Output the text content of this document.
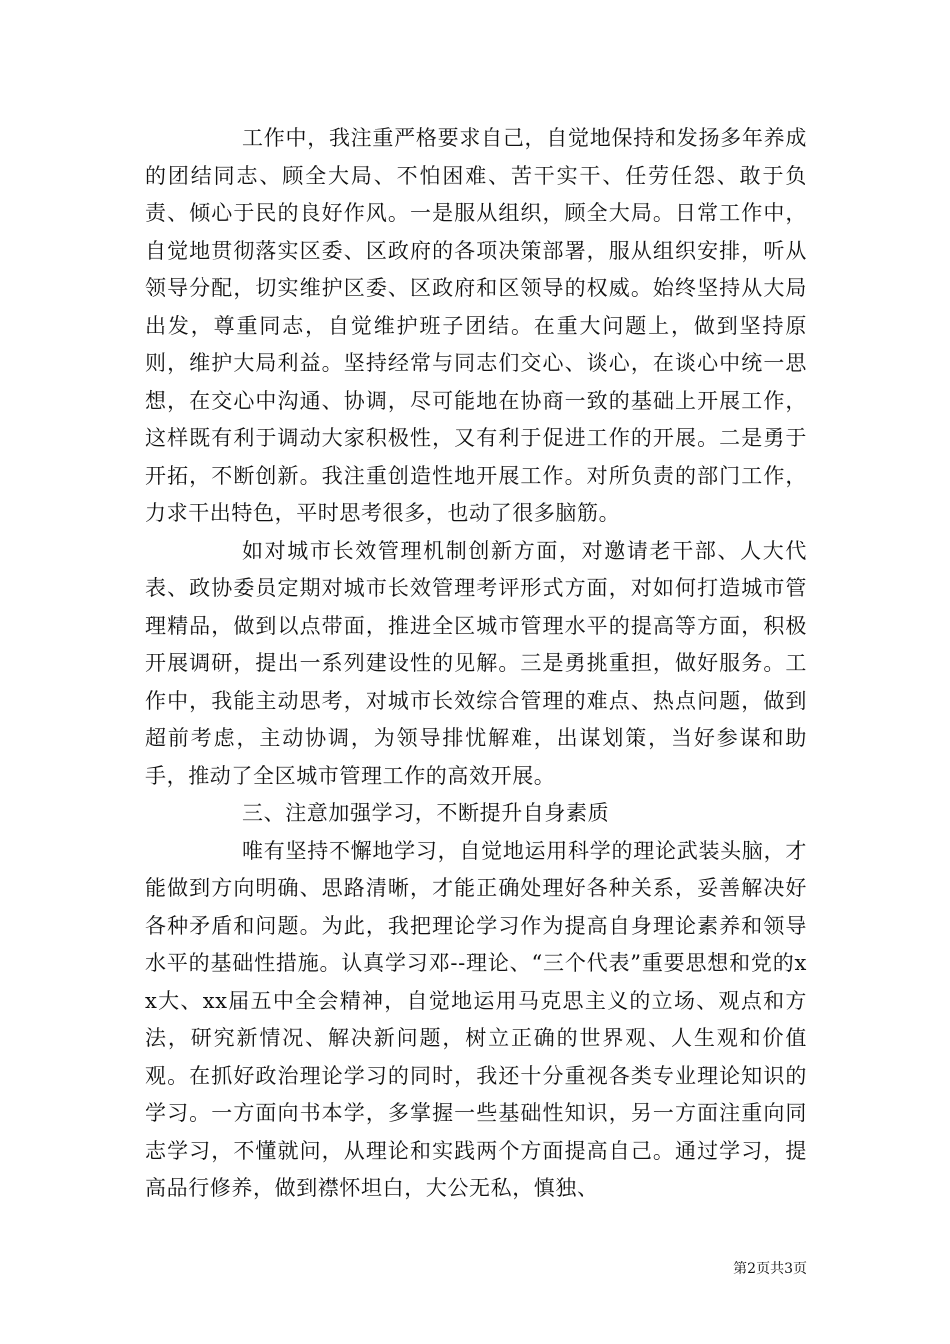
工作中，我注重严格要求自己，自觉地保持和发扬多年养成的团结同志、顾全大局、不怕困难、苦干实干、任劳任怨、敢于负责、倾心于民的良好作风。一是服从组织，顾全大局。日常工作中，自觉地贯彻落实区委、区政府的各项决策部署，服从组织安排，听从领导分配，切实维护区委、区政府和区领导的权威。始终坚持从大局出发，尊重同志，自觉维护班子团结。在重大问题上，做到坚持原则，维护大局利益。坚持经常与同志们交心、谈心，在谈心中统一思想，在交心中沟通、协调，尽可能地在协商一致的基础上开展工作，这样既有利于调动大家积极性，又有利于促进工作的开展。二是勇于开拓，不断创新。我注重创造性地开展工作。对所负责的部门工作，力求干出特色，平时思考很多，也动了很多脑筋。

如对城市长效管理机制创新方面，对邀请老干部、人大代表、政协委员定期对城市长效管理考评形式方面，对如何打造城市管理精品，做到以点带面，推进全区城市管理水平的提高等方面，积极开展调研，提出一系列建设性的见解。三是勇挑重担，做好服务。工作中，我能主动思考，对城市长效综合管理的难点、热点问题，做到超前考虑，主动协调，为领导排忧解难，出谋划策，当好参谋和助手，推动了全区城市管理工作的高效开展。

三、注意加强学习，不断提升自身素质

唯有坚持不懈地学习，自觉地运用科学的理论武装头脑，才能做到方向明确、思路清晰，才能正确处理好各种关系，妥善解决好各种矛盾和问题。为此，我把理论学习作为提高自身理论素养和领导水平的基础性措施。认真学习邓--理论、“三个代表”重要思想和党的xx大、xx届五中全会精神，自觉地运用马克思主义的立场、观点和方法，研究新情况、解决新问题，树立正确的世界观、人生观和价值观。在抓好政治理论学习的同时，我还十分重视各类专业理论知识的学习。一方面向书本学，多掌握一些基础性知识，另一方面注重向同志学习，不懂就问，从理论和实践两个方面提高自己。通过学习，提高品行修养，做到襟怀坦白，大公无私，慎独、

第2页共3页
